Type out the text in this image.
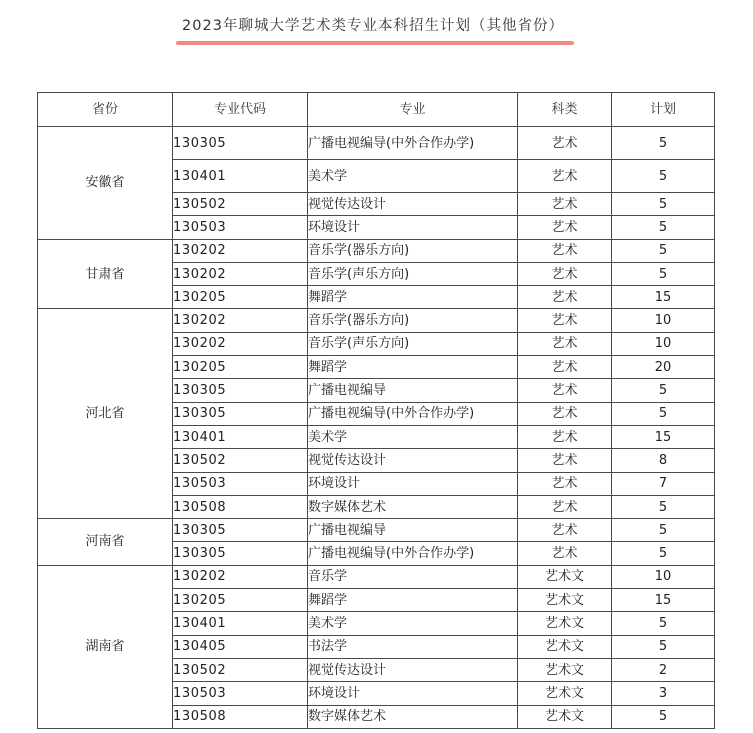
2023年聊城大学艺术类专业本科招生计划（其他省份）
省份	专业代码	专业	科类	计划
安徽省	130305	广播电视编导(中外合作办学)	艺术	5
	130401	美术学	艺术	5
	130502	视觉传达设计	艺术	5
	130503	环境设计	艺术	5
甘肃省	130202	音乐学(器乐方向)	艺术	5
	130202	音乐学(声乐方向)	艺术	5
	130205	舞蹈学	艺术	15
河北省	130202	音乐学(器乐方向)	艺术	10
	130202	音乐学(声乐方向)	艺术	10
	130205	舞蹈学	艺术	20
	130305	广播电视编导	艺术	5
	130305	广播电视编导(中外合作办学)	艺术	5
	130401	美术学	艺术	15
	130502	视觉传达设计	艺术	8
	130503	环境设计	艺术	7
	130508	数字媒体艺术	艺术	5
河南省	130305	广播电视编导	艺术	5
	130305	广播电视编导(中外合作办学)	艺术	5
湖南省	130202	音乐学	艺术文	10
	130205	舞蹈学	艺术文	15
	130401	美术学	艺术文	5
	130405	书法学	艺术文	5
	130502	视觉传达设计	艺术文	2
	130503	环境设计	艺术文	3
	130508	数字媒体艺术	艺术文	5
